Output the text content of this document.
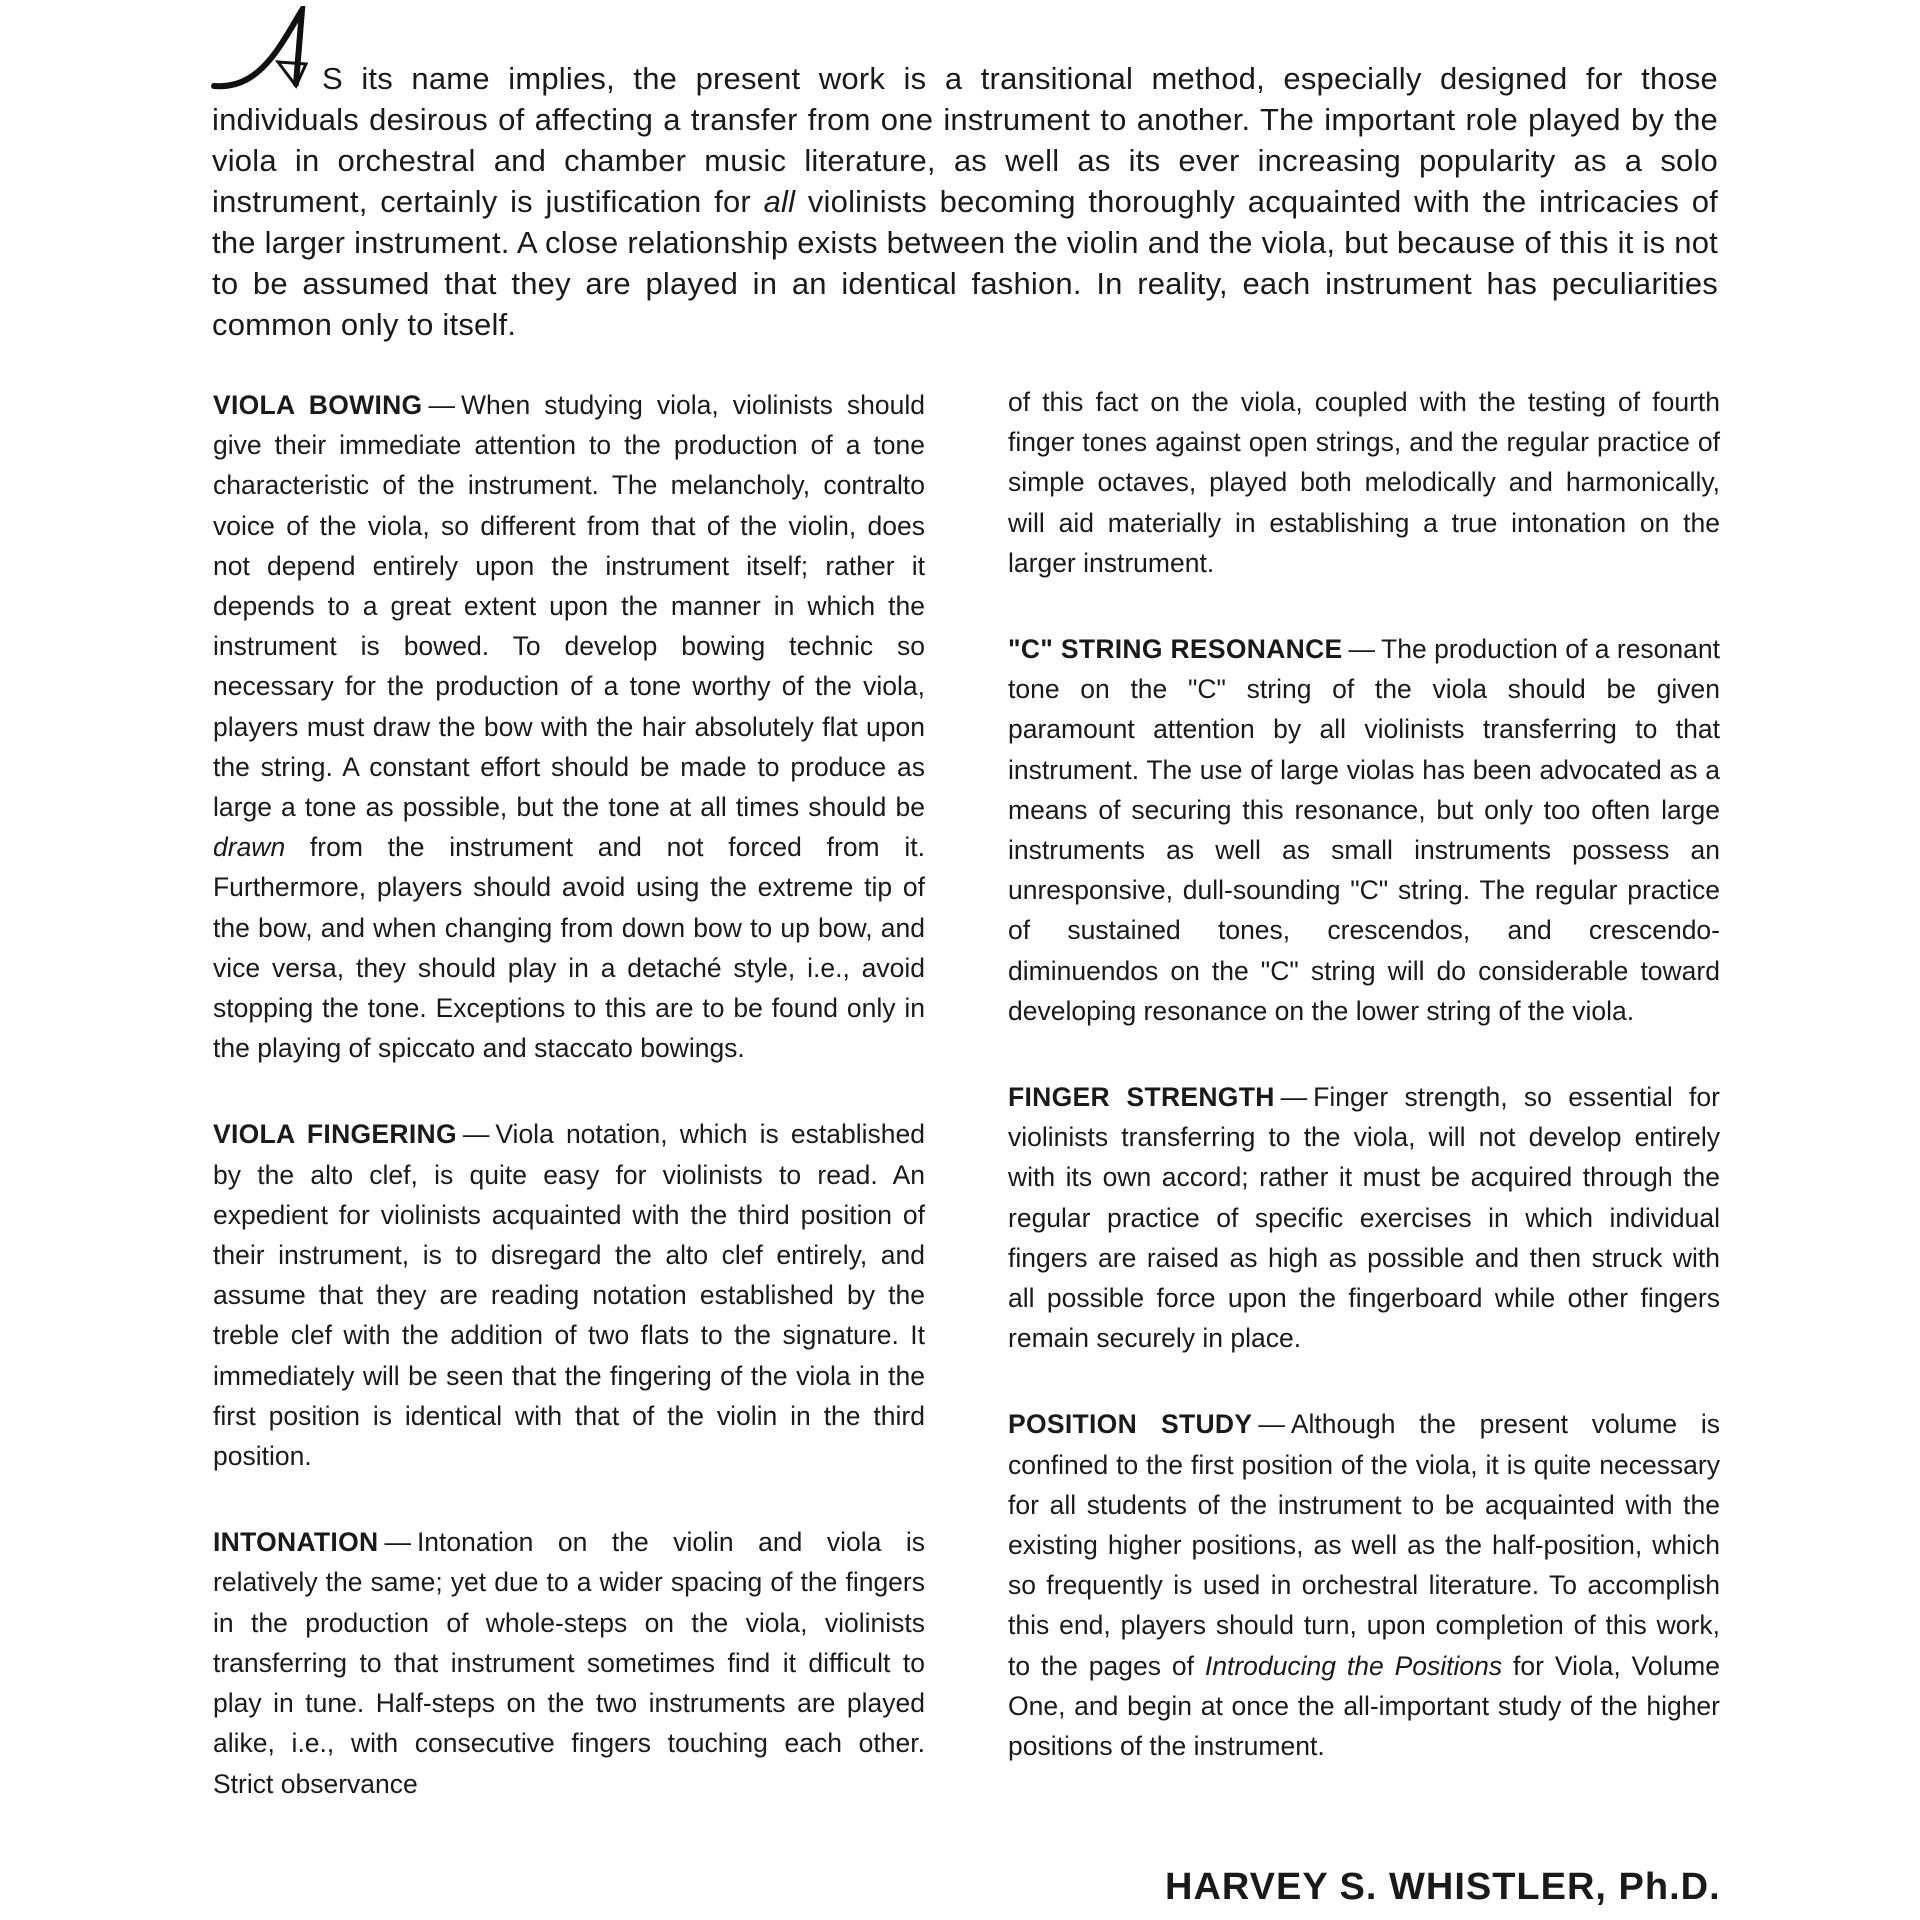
S its name implies, the present work is a transitional method, especially designed for those individuals desirous of affecting a transfer from one instrument to another. The important role played by the viola in orchestral and chamber music literature, as well as its ever increasing popularity as a solo instrument, certainly is justification for all violinists becoming thoroughly acquainted with the intricacies of the larger instrument. A close relationship exists between the violin and the viola, but because of this it is not to be assumed that they are played in an identical fashion. In reality, each instrument has peculiarities common only to itself.

VIOLA BOWING — When studying viola, violinists should give their immediate attention to the production of a tone characteristic of the instrument. The melancholy, contralto voice of the viola, so different from that of the violin, does not depend entirely upon the instrument itself; rather it depends to a great extent upon the manner in which the instrument is bowed. To develop bowing technic so necessary for the production of a tone worthy of the viola, players must draw the bow with the hair absolutely flat upon the string. A constant effort should be made to produce as large a tone as possible, but the tone at all times should be drawn from the instrument and not forced from it. Furthermore, players should avoid using the extreme tip of the bow, and when changing from down bow to up bow, and vice versa, they should play in a detaché style, i.e., avoid stopping the tone. Exceptions to this are to be found only in the playing of spiccato and staccato bowings.

VIOLA FINGERING — Viola notation, which is established by the alto clef, is quite easy for violinists to read. An expedient for violinists acquainted with the third position of their instrument, is to disregard the alto clef entirely, and assume that they are reading notation established by the treble clef with the addition of two flats to the signature. It immediately will be seen that the fingering of the viola in the first position is identical with that of the violin in the third position.

INTONATION — Intonation on the violin and viola is relatively the same; yet due to a wider spacing of the fingers in the production of whole-steps on the viola, violinists transferring to that instrument sometimes find it difficult to play in tune. Half-steps on the two instruments are played alike, i.e., with consecutive fingers touching each other. Strict observance

of this fact on the viola, coupled with the testing of fourth finger tones against open strings, and the regular practice of simple octaves, played both melodically and harmonically, will aid materially in establishing a true intonation on the larger instrument.

"C" STRING RESONANCE — The production of a resonant tone on the "C" string of the viola should be given paramount attention by all violinists transferring to that instrument. The use of large violas has been advocated as a means of securing this resonance, but only too often large instruments as well as small instruments possess an unresponsive, dull-sounding "C" string. The regular practice of sustained tones, crescendos, and crescendo-diminuendos on the "C" string will do considerable toward developing resonance on the lower string of the viola.

FINGER STRENGTH — Finger strength, so essential for violinists transferring to the viola, will not develop entirely with its own accord; rather it must be acquired through the regular practice of specific exercises in which individual fingers are raised as high as possible and then struck with all possible force upon the fingerboard while other fingers remain securely in place.

POSITION STUDY — Although the present volume is confined to the first position of the viola, it is quite necessary for all students of the instrument to be acquainted with the existing higher positions, as well as the half-position, which so frequently is used in orchestral literature. To accomplish this end, players should turn, upon completion of this work, to the pages of Introducing the Positions for Viola, Volume One, and begin at once the all-important study of the higher positions of the instrument.

HARVEY S. WHISTLER, Ph.D.
